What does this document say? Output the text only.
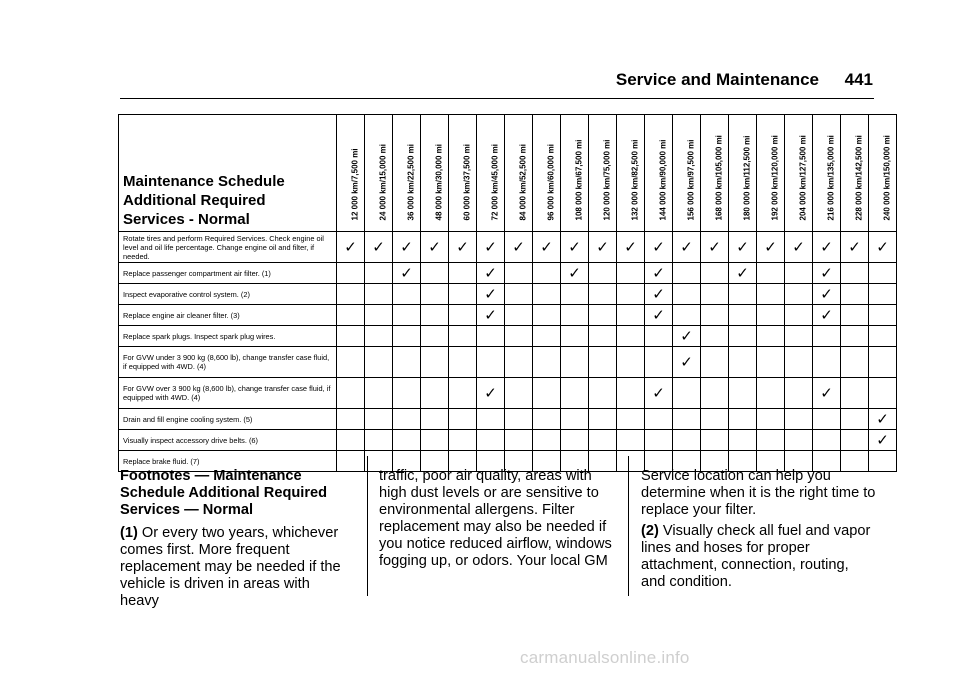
Service and Maintenance 441
Maintenance Schedule
Additional Required
Services - Normal	12 000 km/7,500 mi	24 000 km/15,000 mi	36 000 km/22,500 mi	48 000 km/30,000 mi	60 000 km/37,500 mi	72 000 km/45,000 mi	84 000 km/52,500 mi	96 000 km/60,000 mi	108 000 km/67,500 mi	120 000 km/75,000 mi	132 000 km/82,500 mi	144 000 km/90,000 mi	156 000 km/97,500 mi	168 000 km/105,000 mi	180 000 km/112,500 mi	192 000 km/120,000 mi	204 000 km/127,500 mi	216 000 km/135,000 mi	228 000 km/142,500 mi	240 000 km/150,000 mi

Rotate tires and perform Required Services. Check engine oil level and oil life percentage. Change engine oil and filter, if needed.	✓	✓	✓	✓	✓	✓	✓	✓	✓	✓	✓	✓	✓	✓	✓	✓	✓	✓	✓	✓
Replace passenger compartment air filter. (1)			✓			✓			✓			✓			✓			✓		
Inspect evaporative control system. (2)						✓						✓						✓		
Replace engine air cleaner filter. (3)						✓						✓						✓		
Replace spark plugs. Inspect spark plug wires.													✓							
For GVW under 3 900 kg (8,600 lb), change transfer case fluid, if equipped with 4WD. (4)													✓							
For GVW over 3 900 kg (8,600 lb), change transfer case fluid, if equipped with 4WD. (4)						✓						✓						✓		
Drain and fill engine cooling system. (5)																				✓
Visually inspect accessory drive belts. (6)																				✓
Replace brake fluid. (7)																				
Footnotes — Maintenance
Schedule Additional Required
Services — Normal
(1) Or every two years, whichever comes first. More frequent replacement may be needed if the vehicle is driven in areas with heavy
traffic, poor air quality, areas with high dust levels or are sensitive to environmental allergens. Filter replacement may also be needed if you notice reduced airflow, windows fogging up, or odors. Your local GM
Service location can help you determine when it is the right time to replace your filter.
(2) Visually check all fuel and vapor lines and hoses for proper attachment, connection, routing, and condition.
carmanualsonline.info
